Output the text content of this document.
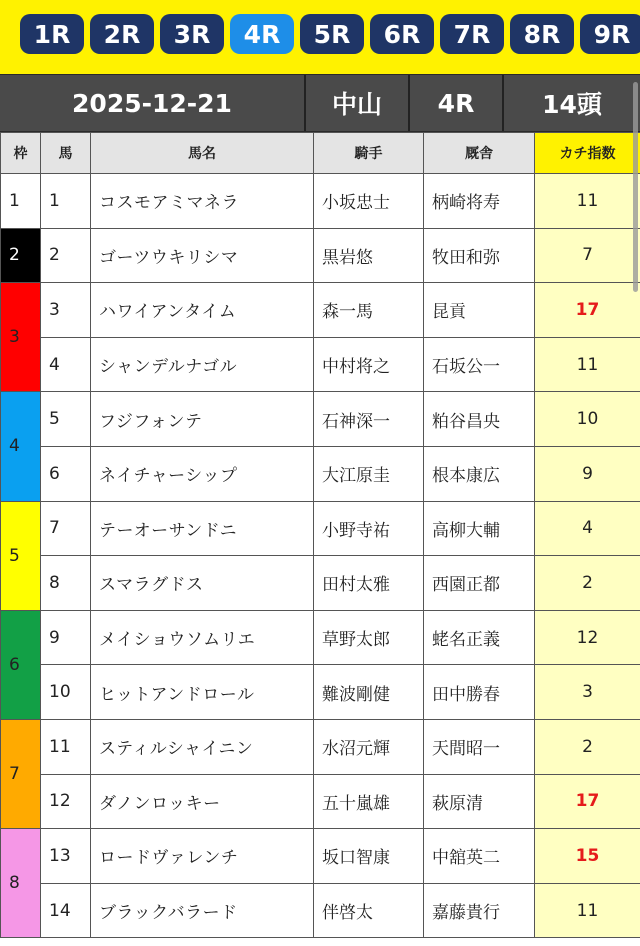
1R	2R	3R	4R	5R	6R	7R	8R	9R
2025-12-21	中山	4R	14頭
枠	馬	馬名	騎手	厩舎	カチ指数
1	1	コスモアミマネラ	小坂忠士	柄崎将寿	11
2	2	ゴーツウキリシマ	黒岩悠	牧田和弥	7
3	3	ハワイアンタイム	森一馬	昆貢	17
	4	シャンデルナゴル	中村将之	石坂公一	11
4	5	フジフォンテ	石神深一	粕谷昌央	10
	6	ネイチャーシップ	大江原圭	根本康広	9
5	7	テーオーサンドニ	小野寺祐	高柳大輔	4
	8	スマラグドス	田村太雅	西園正都	2
6	9	メイショウソムリエ	草野太郎	蛯名正義	12
	10	ヒットアンドロール	難波剛健	田中勝春	3
7	11	スティルシャイニン	水沼元輝	天間昭一	2
	12	ダノンロッキー	五十嵐雄	萩原清	17
8	13	ロードヴァレンチ	坂口智康	中舘英二	15
	14	ブラックバラード	伴啓太	嘉藤貴行	11
